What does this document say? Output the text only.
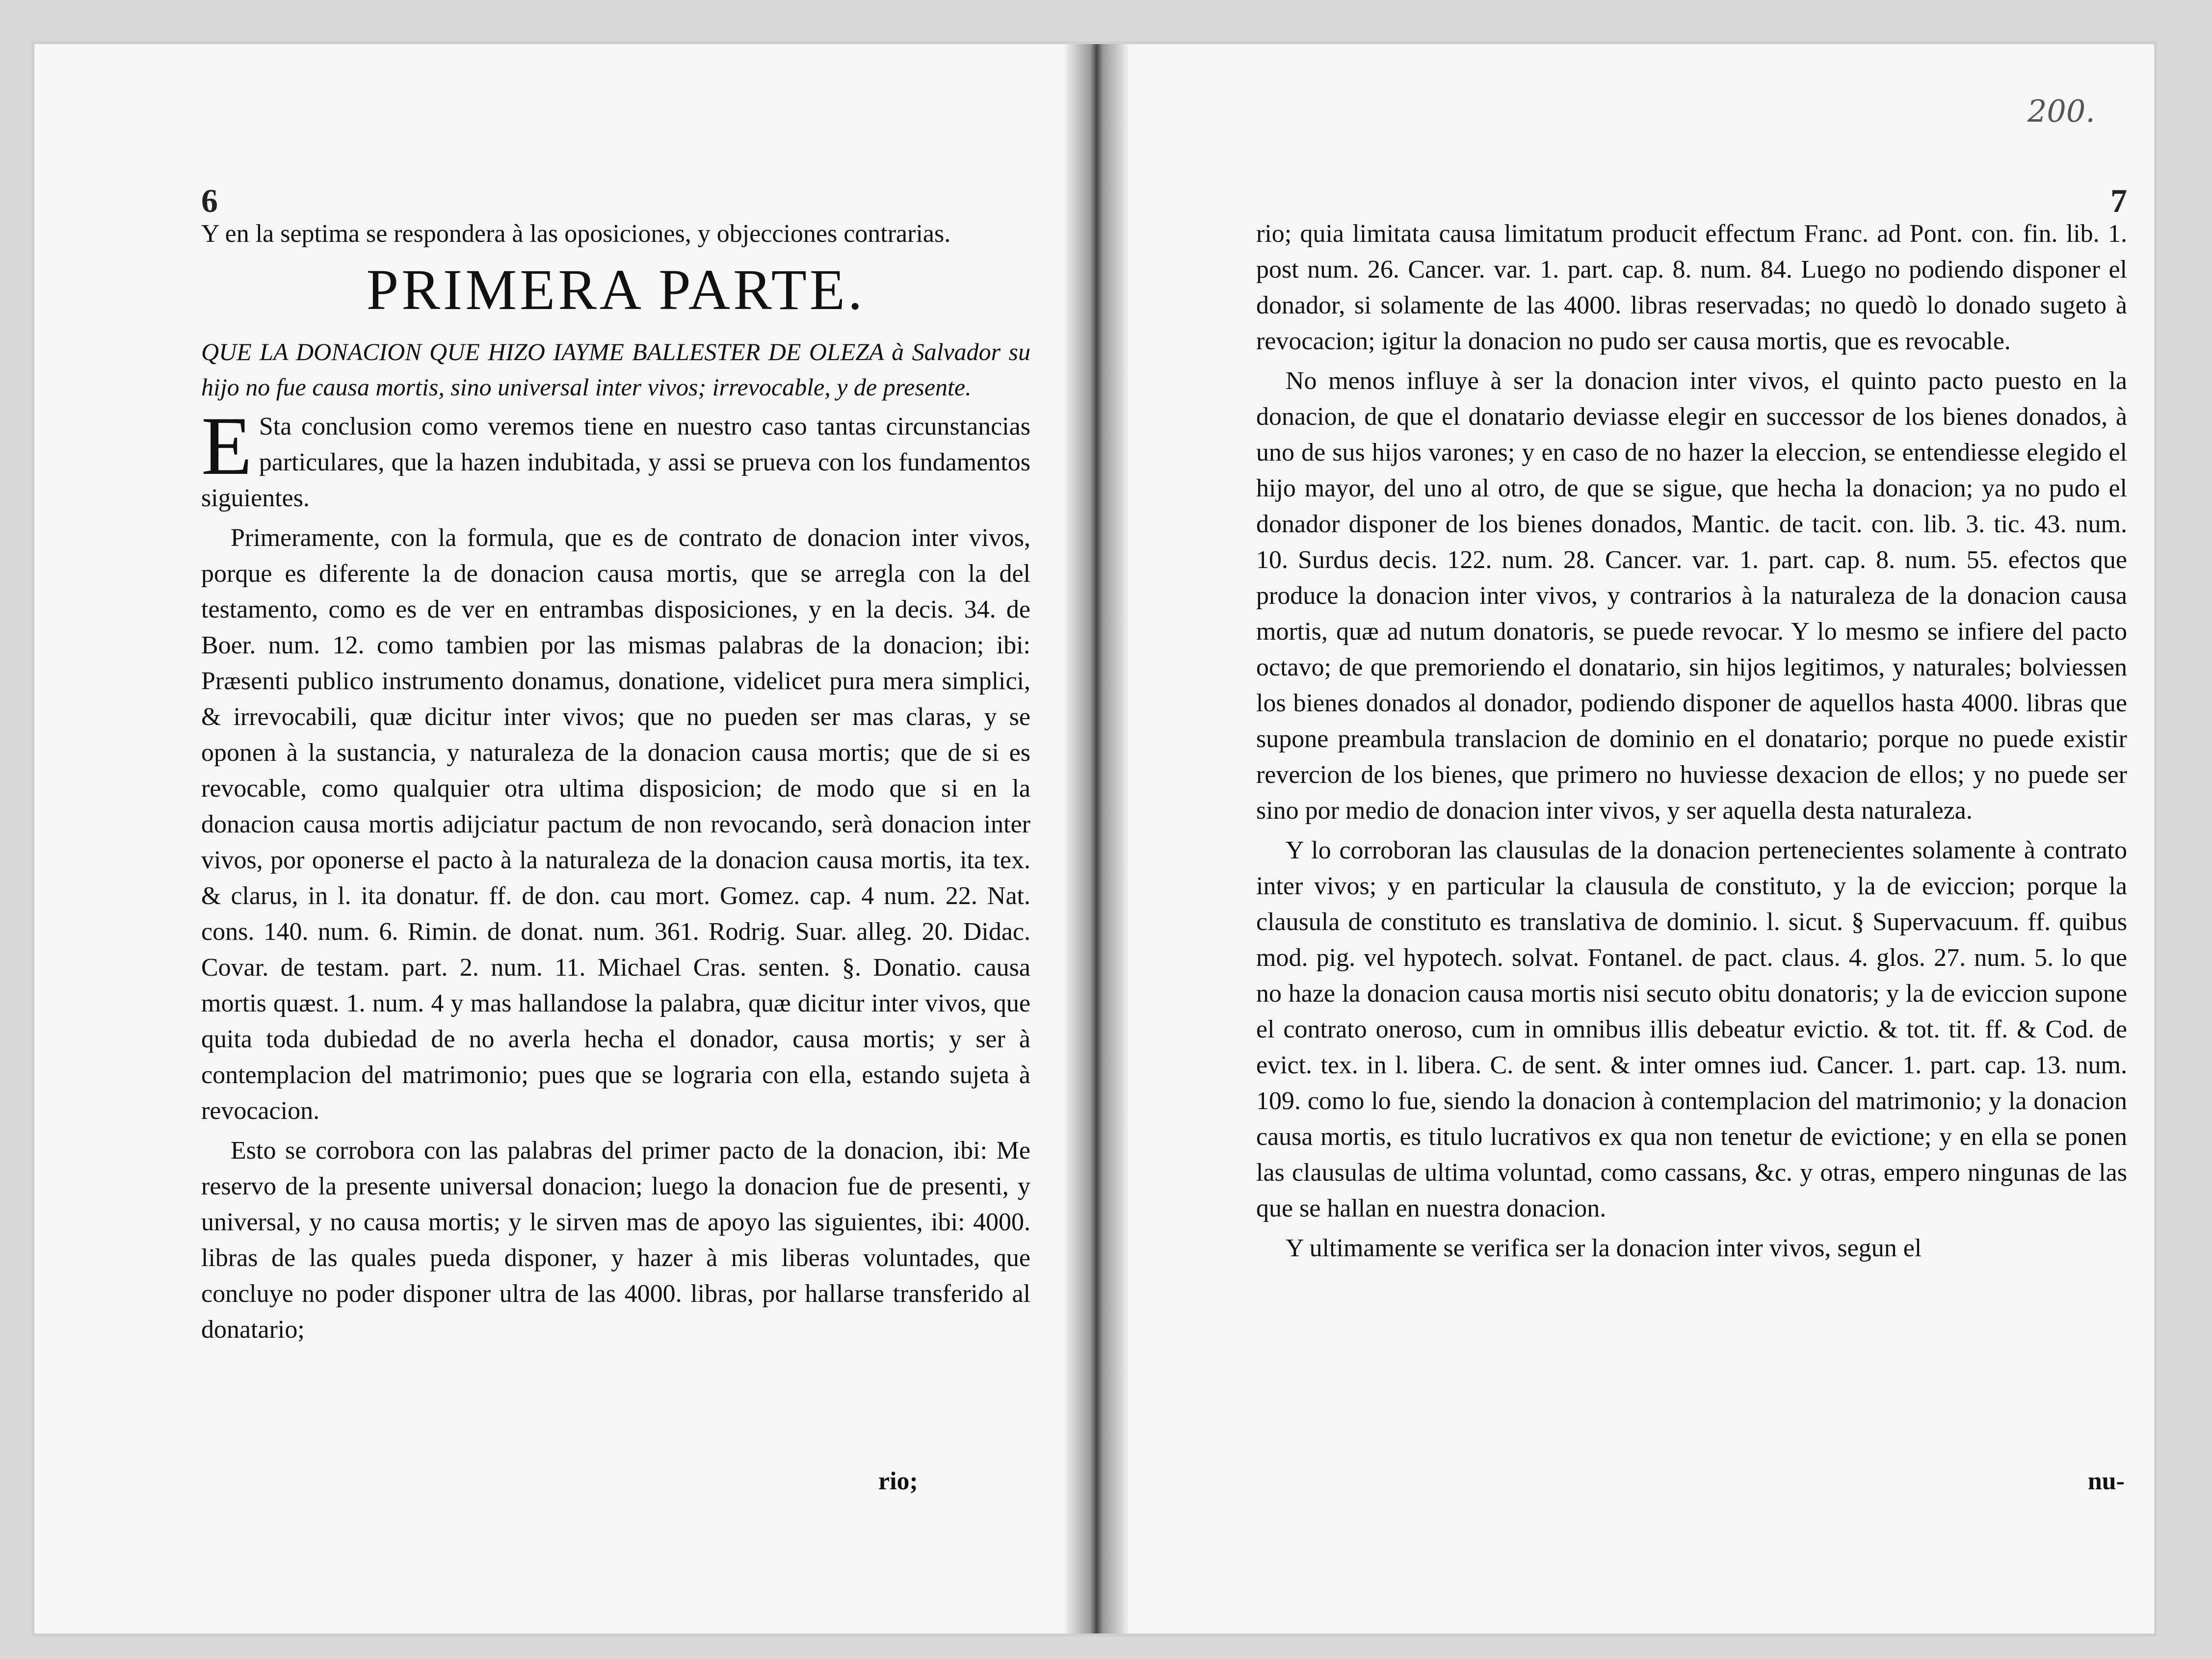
6

Y en la septima se respondera à las oposiciones, y objecciones contrarias.

PRIMERA PARTE.

QUE LA DONACION QUE HIZO IAYME BALLESTER DE OLEZA à Salvador su hijo no fue causa mortis, sino universal inter vivos; irrevocable, y de presente.

E Sta conclusion como veremos tiene en nuestro caso tantas circunstancias particulares, que la hazen indubitada, y assi se prueva con los fundamentos siguientes.

Primeramente, con la formula, que es de contrato de donacion inter vivos, porque es diferente la de donacion causa mortis, que se arregla con la del testamento, como es de ver en entrambas disposiciones, y en la decis. 34. de Boer. num. 12. como tambien por las mismas palabras de la donacion; ibi: Præsenti publico instrumento donamus, donatione, videlicet pura mera simplici, & irrevocabili, quæ dicitur inter vivos; que no pueden ser mas claras, y se oponen à la sustancia, y naturaleza de la donacion causa mortis; que de si es revocable, como qualquier otra ultima disposicion; de modo que si en la donacion causa mortis adijciatur pactum de non revocando, serà donacion inter vivos, por oponerse el pacto à la naturaleza de la donacion causa mortis, ita tex. & clarus, in l. ita donatur. ff. de don. cau mort. Gomez. cap. 4 num. 22. Nat. cons. 140. num. 6. Rimin. de donat. num. 361. Rodrig. Suar. alleg. 20. Didac. Covar. de testam. part. 2. num. 11. Michael Cras. senten. §. Donatio. causa mortis quæst. 1. num. 4 y mas hallandose la palabra, quæ dicitur inter vivos, que quita toda dubiedad de no averla hecha el donador, causa mortis; y ser à contemplacion del matrimonio; pues que se lograria con ella, estando sujeta à revocacion.

Esto se corrobora con las palabras del primer pacto de la donacion, ibi: Me reservo de la presente universal donacion; luego la donacion fue de presenti, y universal, y no causa mortis; y le sirven mas de apoyo las siguientes, ibi: 4000. libras de las quales pueda disponer, y hazer à mis liberas voluntades, que concluye no poder disponer ultra de las 4000. libras, por hallarse transferido al donatario;

rio;
200.
7

rio; quia limitata causa limitatum producit effectum Franc. ad Pont. con. fin. lib. 1. post num. 26. Cancer. var. 1. part. cap. 8. num. 84. Luego no podiendo disponer el donador, si solamente de las 4000. libras reservadas; no quedò lo donado sugeto à revocacion; igitur la donacion no pudo ser causa mortis, que es revocable.

No menos influye à ser la donacion inter vivos, el quinto pacto puesto en la donacion, de que el donatario deviasse elegir en successor de los bienes donados, à uno de sus hijos varones; y en caso de no hazer la eleccion, se entendiesse elegido el hijo mayor, del uno al otro, de que se sigue, que hecha la donacion; ya no pudo el donador disponer de los bienes donados, Mantic. de tacit. con. lib. 3. tic. 43. num. 10. Surdus decis. 122. num. 28. Cancer. var. 1. part. cap. 8. num. 55. efectos que produce la donacion inter vivos, y contrarios à la naturaleza de la donacion causa mortis, quæ ad nutum donatoris, se puede revocar. Y lo mesmo se infiere del pacto octavo; de que premoriendo el donatario, sin hijos legitimos, y naturales; bolviessen los bienes donados al donador, podiendo disponer de aquellos hasta 4000. libras que supone preambula translacion de dominio en el donatario; porque no puede existir revercion de los bienes, que primero no huviesse dexacion de ellos; y no puede ser sino por medio de donacion inter vivos, y ser aquella desta naturaleza.

Y lo corroboran las clausulas de la donacion pertenecientes solamente à contrato inter vivos; y en particular la clausula de constituto, y la de eviccion; porque la clausula de constituto es translativa de dominio. l. sicut. § Supervacuum. ff. quibus mod. pig. vel hypotech. solvat. Fontanel. de pact. claus. 4. glos. 27. num. 5. lo que no haze la donacion causa mortis nisi secuto obitu donatoris; y la de eviccion supone el contrato oneroso, cum in omnibus illis debeatur evictio. & tot. tit. ff. & Cod. de evict. tex. in l. libera. C. de sent. & inter omnes iud. Cancer. 1. part. cap. 13. num. 109. como lo fue, siendo la donacion à contemplacion del matrimonio; y la donacion causa mortis, es titulo lucrativos ex qua non tenetur de evictione; y en ella se ponen las clausulas de ultima voluntad, como cassans, &c. y otras, empero ningunas de las que se hallan en nuestra donacion.

Y ultimamente se verifica ser la donacion inter vivos, segun el

nu-
